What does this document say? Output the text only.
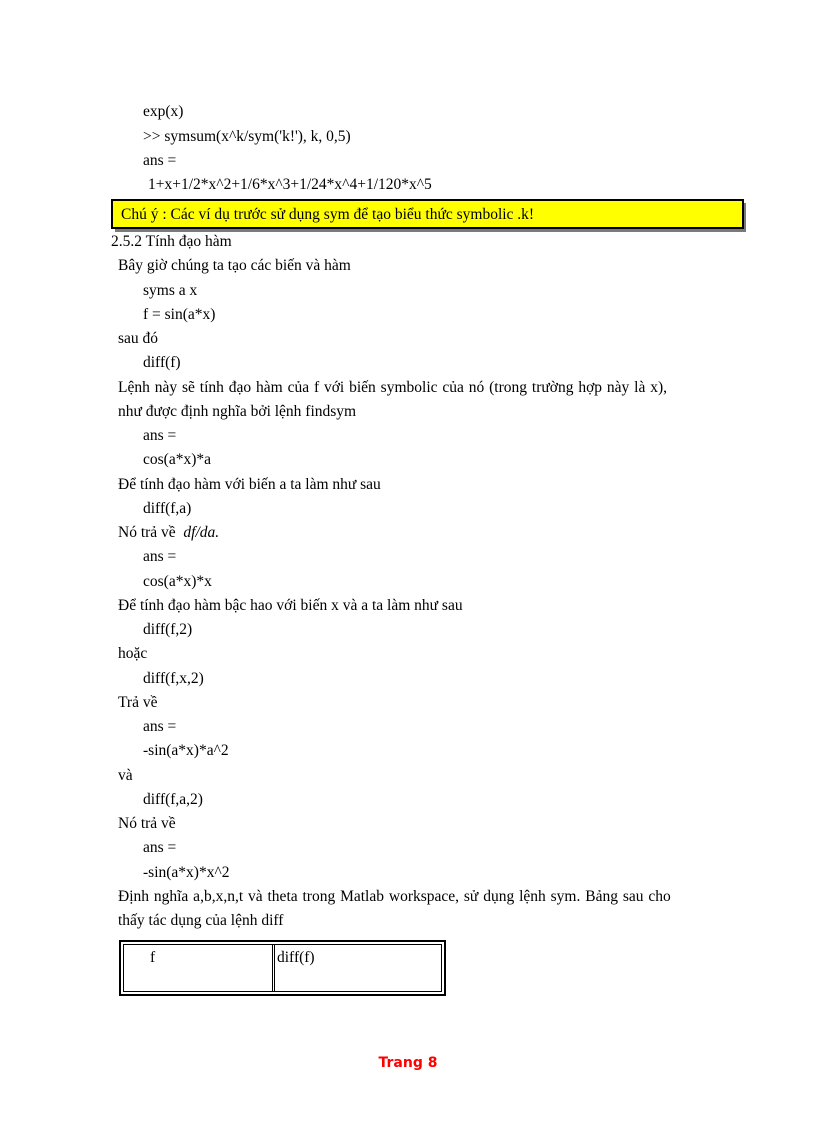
exp(x)
>> symsum(x^k/sym('k!'), k, 0,5)
ans =
1+x+1/2*x^2+1/6*x^3+1/24*x^4+1/120*x^5
Chú ý : Các ví dụ trước sử dụng sym để tạo biểu thức symbolic .k!
2.5.2 Tính đạo hàm
Bây giờ chúng ta tạo các biến và hàm
syms a x
f = sin(a*x)
sau đó
diff(f)
Lệnh này sẽ tính đạo hàm của f với biến symbolic của nó (trong trường hợp này là x),
như được định nghĩa bởi lệnh findsym
ans =
cos(a*x)*a
Để tính đạo hàm với biến a ta làm như sau
diff(f,a)
Nó trả về df/da.
ans =
cos(a*x)*x
Để tính đạo hàm bậc hao với biến x và a ta làm như sau
diff(f,2)
hoặc
diff(f,x,2)
Trả về
ans =
-sin(a*x)*a^2
và
diff(f,a,2)
Nó trả về
ans =
-sin(a*x)*x^2
Định nghĩa a,b,x,n,t và theta trong Matlab workspace, sử dụng lệnh sym. Bảng sau cho
thấy tác dụng của lệnh diff
f	diff(f)
Trang 8
